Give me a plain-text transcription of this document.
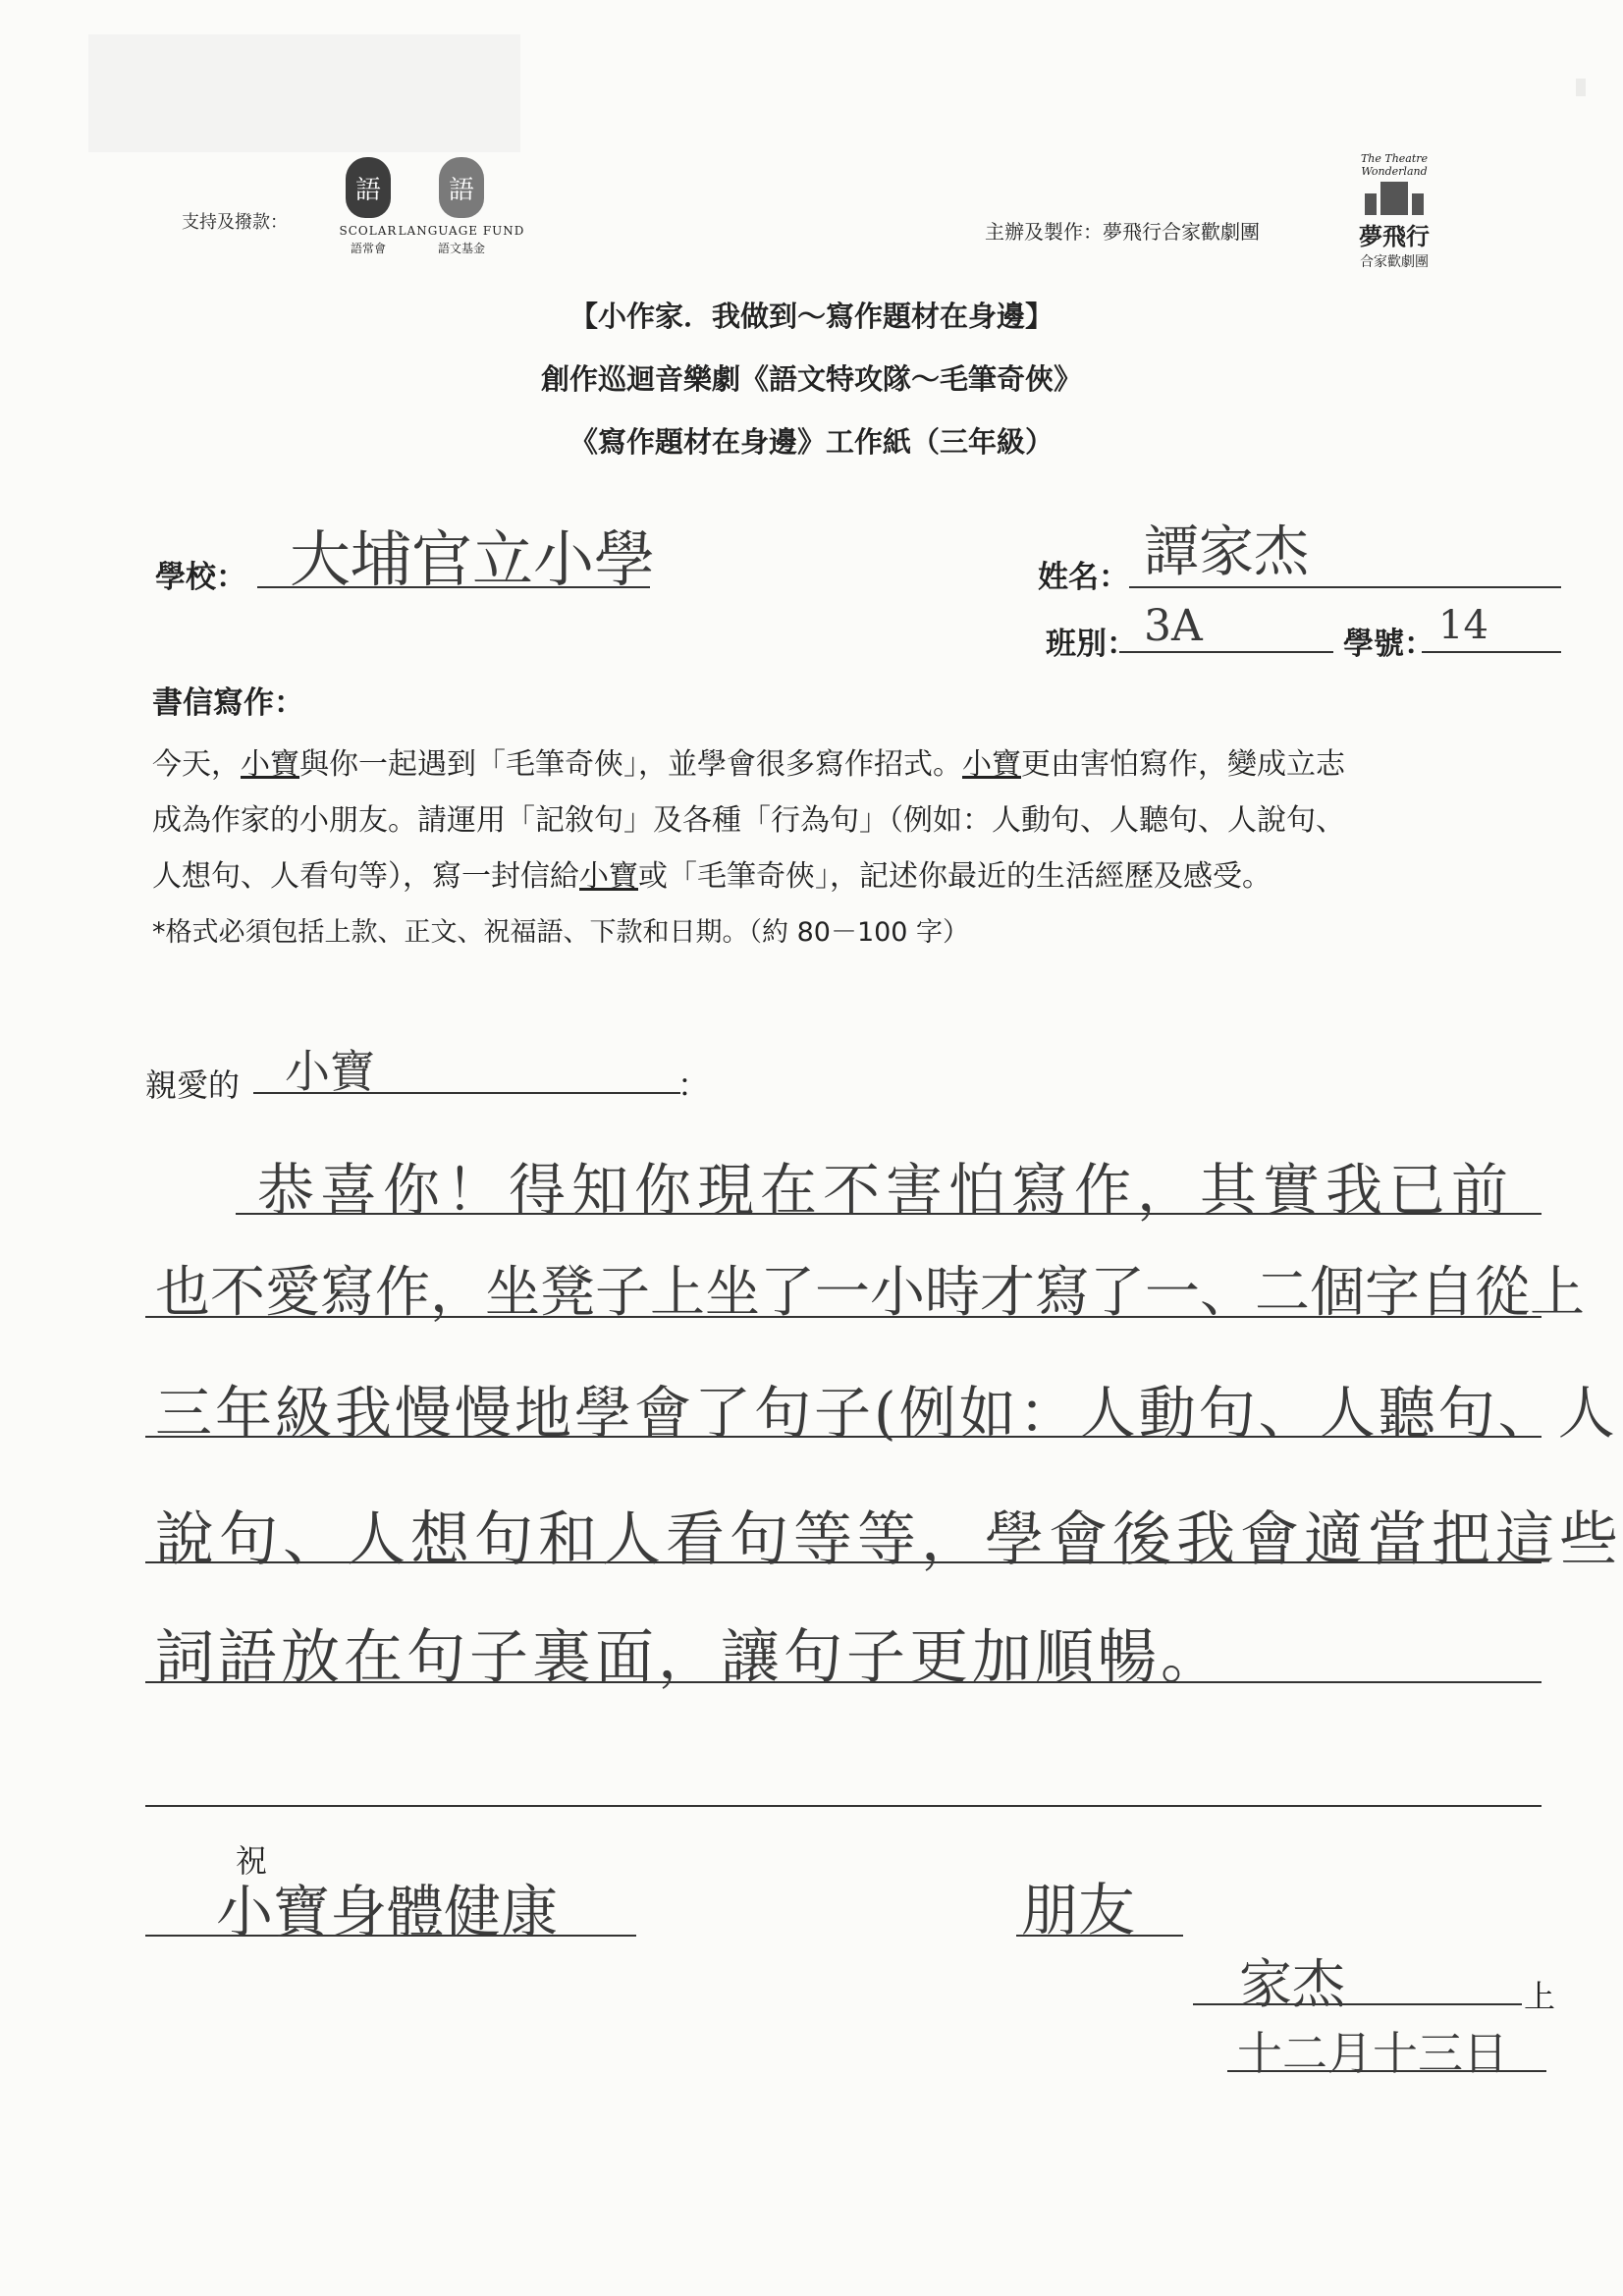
支持及撥款：
語
SCOLAR
語常會
語
LANGUAGE FUND
語文基金
主辦及製作：夢飛行合家歡劇團
The Theatre Wonderland
夢飛行
合家歡劇團
【小作家．我做到～寫作題材在身邊】
創作巡迴音樂劇《語文特攻隊～毛筆奇俠》
《寫作題材在身邊》工作紙（三年級）
學校： 大埔官立小學	姓名： 譚家杰
班別： 3A	學號： 14
書信寫作：
今天，小寶與你一起遇到「毛筆奇俠」，並學會很多寫作招式。小寶更由害怕寫作，變成立志
成為作家的小朋友。請運用「記敘句」及各種「行為句」（例如：人動句、人聽句、人說句、
人想句、人看句等），寫一封信給小寶或「毛筆奇俠」，記述你最近的生活經歷及感受。
*格式必須包括上款、正文、祝福語、下款和日期。（約 80－100 字）
親愛的 小寶	：
恭喜你！得知你現在不害怕寫作，其實我已前
也不愛寫作，坐凳子上坐了一小時才寫了一、二個字自從上
三年級我慢慢地學會了句子(例如：人動句、人聽句、人
說句、人想句和人看句等等，學會後我會適當把這些
詞語放在句子裏面，讓句子更加順暢。
祝
小寶身體健康	朋友
家杰	上
十二月十三日
